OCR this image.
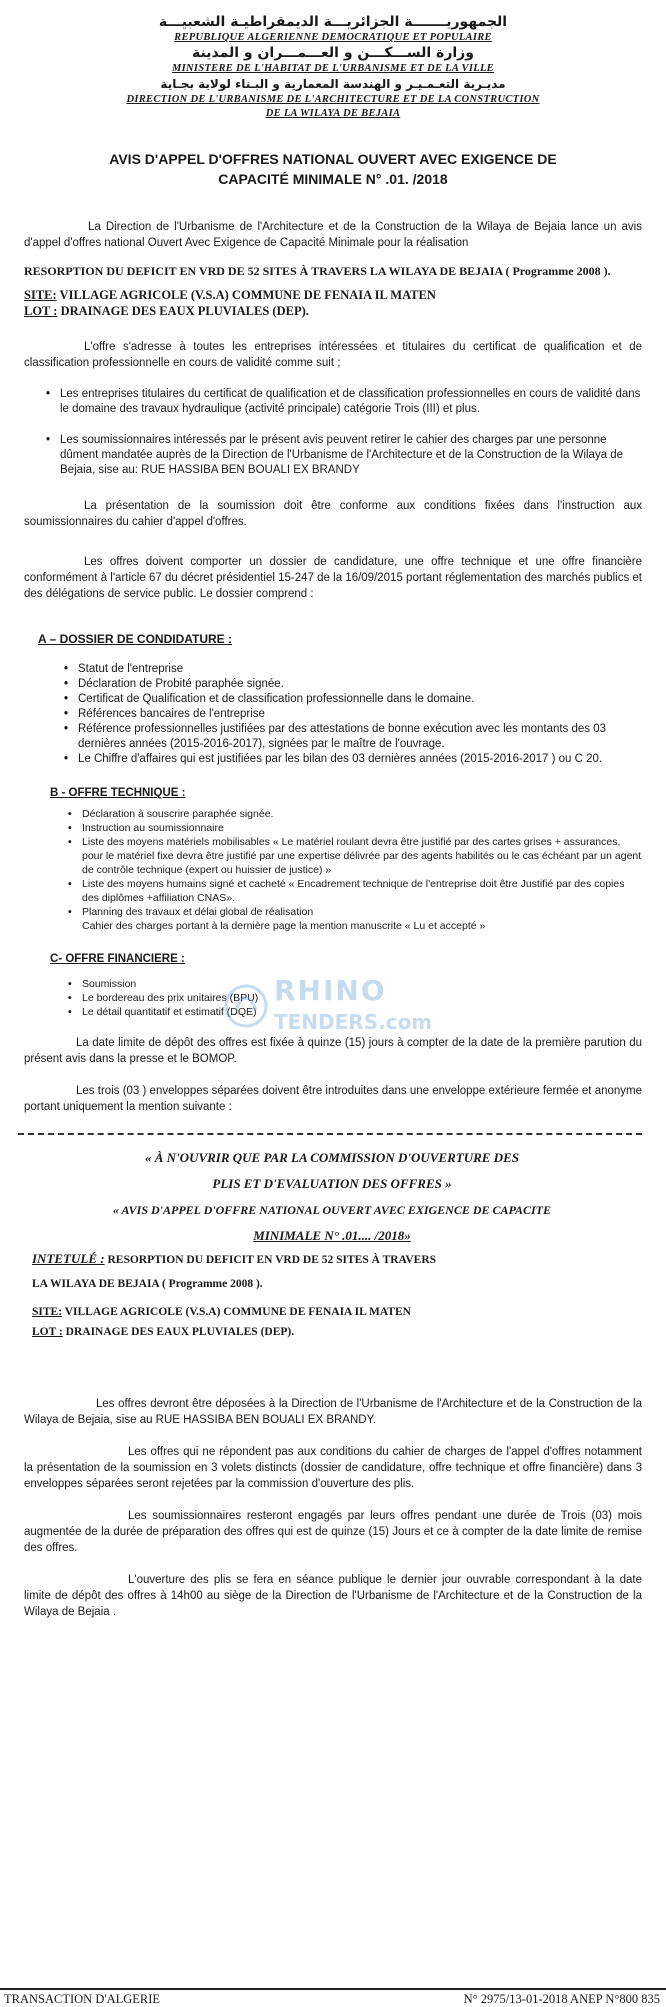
الجمهوريـــــــة الجزائريـــة الديمقراطيـة الشعبيـــة
REPUBLIQUE ALGERIENNE DEMOCRATIQUE ET POPULAIRE
وزارة الســـكـــن و العـــمـــران و المدينة
MINISTERE DE L'HABITAT DE L'URBANISME ET DE LA VILLE
مديـرية التعـمـيـر و الهندسة المعمارية و البـناء لولاية بجـاية
DIRECTION DE L'URBANISME DE L'ARCHITECTURE ET DE LA CONSTRUCTION
DE LA WILAYA DE BEJAIA
AVIS D'APPEL D'OFFRES NATIONAL OUVERT AVEC EXIGENCE DE
CAPACITÉ MINIMALE N° .01. /2018

La Direction de l'Urbanisme de l'Architecture et de la Construction de la Wilaya de Bejaia lance un avis d'appel d'offres national Ouvert Avec Exigence de Capacité Minimale pour la réalisation

RESORPTION DU DEFICIT EN VRD DE 52 SITES À TRAVERS LA WILAYA DE BEJAIA ( Programme 2008 ).

SITE: VILLAGE AGRICOLE (V.S.A) COMMUNE DE FENAIA IL MATEN

LOT : DRAINAGE DES EAUX PLUVIALES (DEP).

L'offre s'adresse à toutes les entreprises intéressées et titulaires du certificat de qualification et de classification professionnelle en cours de validité comme suit ;

• Les entreprises titulaires du certificat de qualification et de classification professionnelles en cours de validité dans le domaine des travaux hydraulique (activité principale) catégorie Trois (III) et plus.
• Les soumissionnaires intéressés par le présent avis peuvent retirer le cahier des charges par une personne dûment mandatée auprès de la Direction de l'Urbanisme de l'Architecture et de la Construction de la Wilaya de Bejaia, sise au: RUE HASSIBA BEN BOUALI EX BRANDY

La présentation de la soumission doit être conforme aux conditions fixées dans l'instruction aux soumissionnaires du cahier d'appel d'offres.

Les offres doivent comporter un dossier de candidature, une offre technique et une offre financière conformément à l'article 67 du décret présidentiel 15-247 de la 16/09/2015 portant réglementation des marchés publics et des délégations de service public. Le dossier comprend :

A – DOSSIER DE CONDIDATURE :
• Statut de l'entreprise
• Déclaration de Probité paraphée signée.
• Certificat de Qualification et de classification professionnelle dans le domaine.
• Références bancaires de l'entreprise
• Référence professionnelles justifiées par des attestations de bonne exécution avec les montants des 03 dernières années (2015-2016-2017), signées par le maître de l'ouvrage.
• Le Chiffre d'affaires qui est justifiées par les bilan des 03 dernières années (2015-2016-2017 ) ou C 20.
B - OFFRE TECHNIQUE :
• Déclaration à souscrire paraphée signée.
• Instruction au soumissionnaire
• Liste des moyens matériels mobilisables « Le matériel roulant devra être justifié par des cartes grises + assurances, pour le matériel fixe devra être justifié par une expertise délivrée par des agents habilités ou le cas échéant par un agent de contrôle technique (expert ou huissier de justice) »
• Liste des moyens humains signé et cacheté « Encadrement technique de l'entreprise doit être Justifié par des copies des diplômes +affiliation CNAS».
• Planning des travaux et délai global de réalisation

Cahier des charges portant à la dernière page la mention manuscrite « Lu et accepté »

C- OFFRE FINANCIERE :
• Soumission
• Le bordereau des prix unitaires (BPU)
• Le détail quantitatif et estimatif (DQE)

La date limite de dépôt des offres est fixée à quinze (15) jours à compter de la date de la première parution du présent avis dans la presse et le BOMOP.

Les trois (03 ) enveloppes séparées doivent être introduites dans une enveloppe extérieure fermée et anonyme portant uniquement la mention suivante :

« À N'OUVRIR QUE PAR LA COMMISSION D'OUVERTURE DES
PLIS ET D'EVALUATION DES OFFRES »
« AVIS D'APPEL D'OFFRE NATIONAL OUVERT AVEC EXIGENCE DE CAPACITE
MINIMALE N° .01.... /2018»
INTETULÉ : RESORPTION DU DEFICIT EN VRD DE 52 SITES À TRAVERS
LA WILAYA DE BEJAIA ( Programme 2008 ).
SITE: VILLAGE AGRICOLE (V.S.A) COMMUNE DE FENAIA IL MATEN
LOT : DRAINAGE DES EAUX PLUVIALES (DEP).

Les offres devront être déposées à la Direction de l'Urbanisme de l'Architecture et de la Construction de la Wilaya de Bejaia, sise au RUE HASSIBA BEN BOUALI EX BRANDY.

Les offres qui ne répondent pas aux conditions du cahier de charges de l'appel d'offres notamment la présentation de la soumission en 3 volets distincts (dossier de candidature, offre technique et offre financière) dans 3 enveloppes séparées seront rejetées par la commission d'ouverture des plis.

Les soumissionnaires resteront engagés par leurs offres pendant une durée de Trois (03) mois augmentée de la durée de préparation des offres qui est de quinze (15) Jours et ce à compter de la date limite de remise des offres.

L'ouverture des plis se fera en séance publique le dernier jour ouvrable correspondant à la date limite de dépôt des offres à 14h00 au siège de la Direction de l'Urbanisme de l'Architecture et de la Construction de la Wilaya de Bejaia .

RHINO
TENDERS.com
TRANSACTION D'ALGERIE	N° 2975/13-01-2018 ANEP N°800 835
